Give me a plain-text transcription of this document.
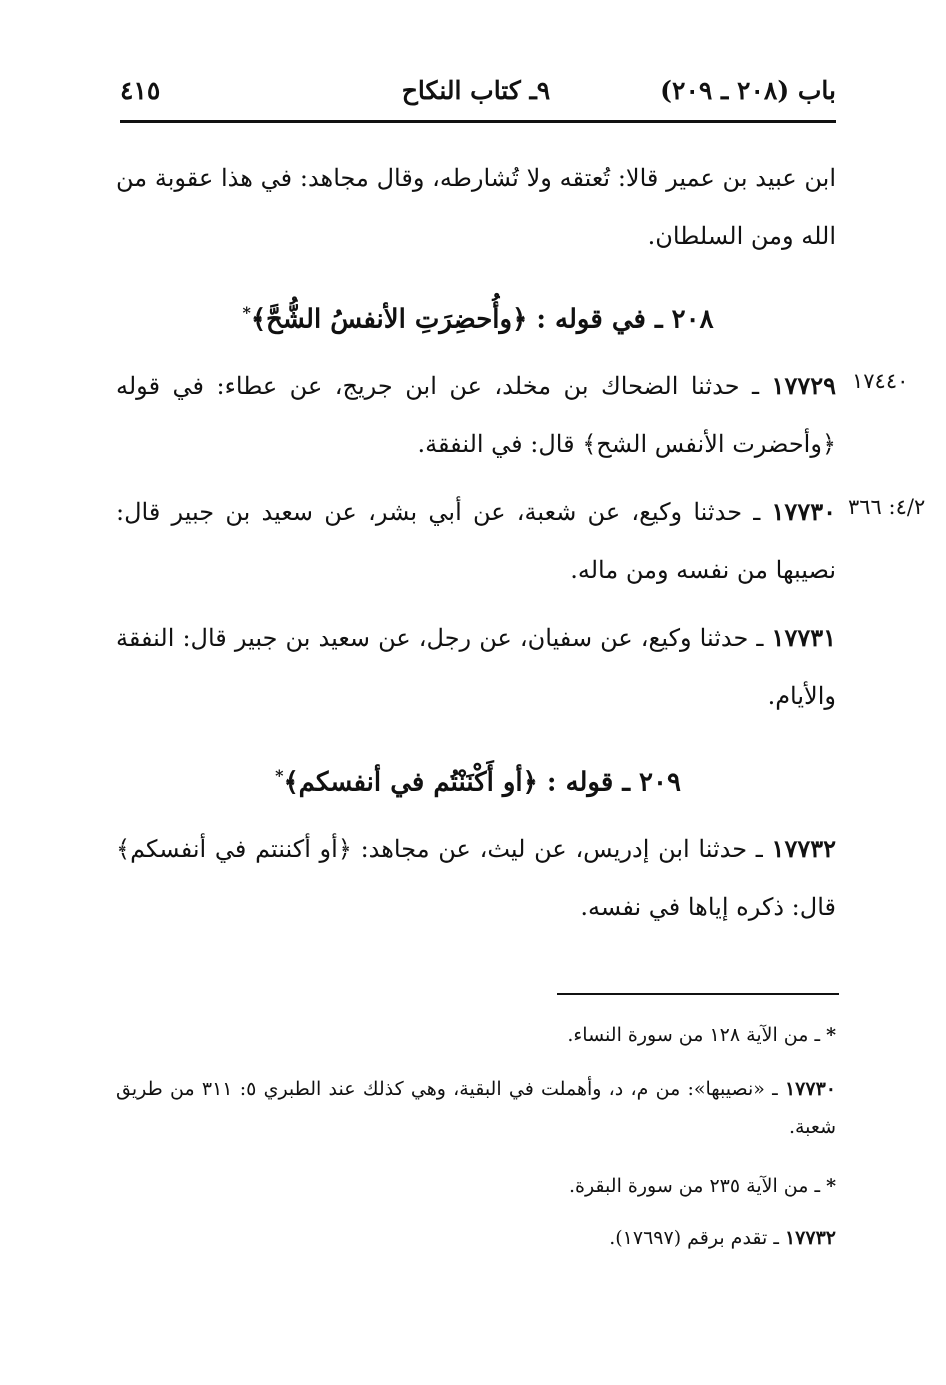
باب (٢٠٨ ـ ٢٠٩)
٩ـ كتاب النكاح
٤١٥
ابن عبيد بن عمير قالا: تُعتقه ولا تُشارطه، وقال مجاهد: في هذا عقوبة من الله ومن السلطان.
٢٠٨ ـ في قوله : ﴿وأُحضِرَتِ الأنفسُ الشُّحَّ﴾*
١٧٧٢٩ ـ حدثنا الضحاك بن مخلد، عن ابن جريج، عن عطاء: في قوله ﴿وأحضرت الأنفس الشح﴾ قال: في النفقة.
١٧٤٤٠
١٧٧٣٠ ـ حدثنا وكيع، عن شعبة، عن أبي بشر، عن سعيد بن جبير قال: نصيبها من نفسه ومن ماله.
٤/٢: ٣٦٦
١٧٧٣١ ـ حدثنا وكيع، عن سفيان، عن رجل، عن سعيد بن جبير قال: النفقة والأيام.
٢٠٩ ـ قوله : ﴿أو أَكْنَنْتُم في أنفسكم﴾*
١٧٧٣٢ ـ حدثنا ابن إدريس، عن ليث، عن مجاهد: ﴿أو أكننتم في أنفسكم﴾ قال: ذكره إياها في نفسه.
* ـ من الآية ١٢٨ من سورة النساء.
١٧٧٣٠ ـ «نصيبها»: من م، د، وأهملت في البقية، وهي كذلك عند الطبري ٥: ٣١١ من طريق شعبة.
* ـ من الآية ٢٣٥ من سورة البقرة.
١٧٧٣٢ ـ تقدم برقم (١٧٦٩٧).
